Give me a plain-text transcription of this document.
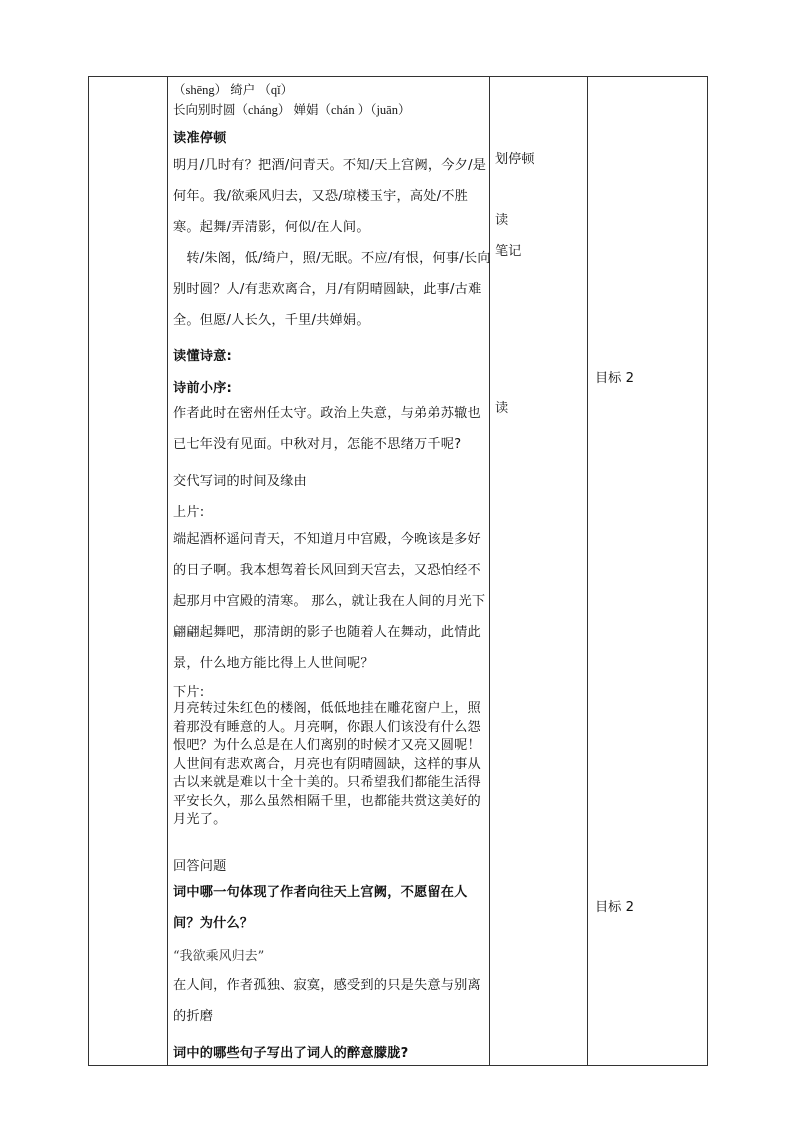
（shēng） 绮户 （qǐ）
长向别时圆（cháng） 婵娟（chán ）（juān）
读准停顿
明月/几时有？把酒/问青天。不知/天上宫阙，今夕/是何年。我/欲乘风归去，又恐/琼楼玉宇，高处/不胜寒。起舞/弄清影，何似/在人间。
　转/朱阁，低/绮户，照/无眠。不应/有恨，何事/长向别时圆？人/有悲欢离合，月/有阴晴圆缺，此事/古难全。但愿/人长久，千里/共婵娟。
读懂诗意:
诗前小序:
作者此时在密州任太守。政治上失意，与弟弟苏辙也已七年没有见面。中秋对月，怎能不思绪万千呢?
交代写词的时间及缘由
上片:
端起酒杯遥问青天，不知道月中宫殿，今晚该是多好的日子啊。我本想驾着长风回到天宫去，又恐怕经不起那月中宫殿的清寒。 那么，就让我在人间的月光下翩翩起舞吧，那清朗的影子也随着人在舞动，此情此景，什么地方能比得上人世间呢？
下片:
月亮转过朱红色的楼阁，低低地挂在雕花窗户上，照着那没有睡意的人。月亮啊，你跟人们该没有什么怨恨吧？为什么总是在人们离别的时候才又亮又圆呢！人世间有悲欢离合，月亮也有阴晴圆缺，这样的事从古以来就是难以十全十美的。只希望我们都能生活得平安长久，那么虽然相隔千里，也都能共赏这美好的月光了。
回答问题
词中哪一句体现了作者向往天上宫阙，不愿留在人间？为什么？
“我欲乘风归去”
在人间，作者孤独、寂寞，感受到的只是失意与别离的折磨
词中的哪些句子写出了词人的醉意朦胧?
划停顿
读
笔记
读
目标 2
目标 2
